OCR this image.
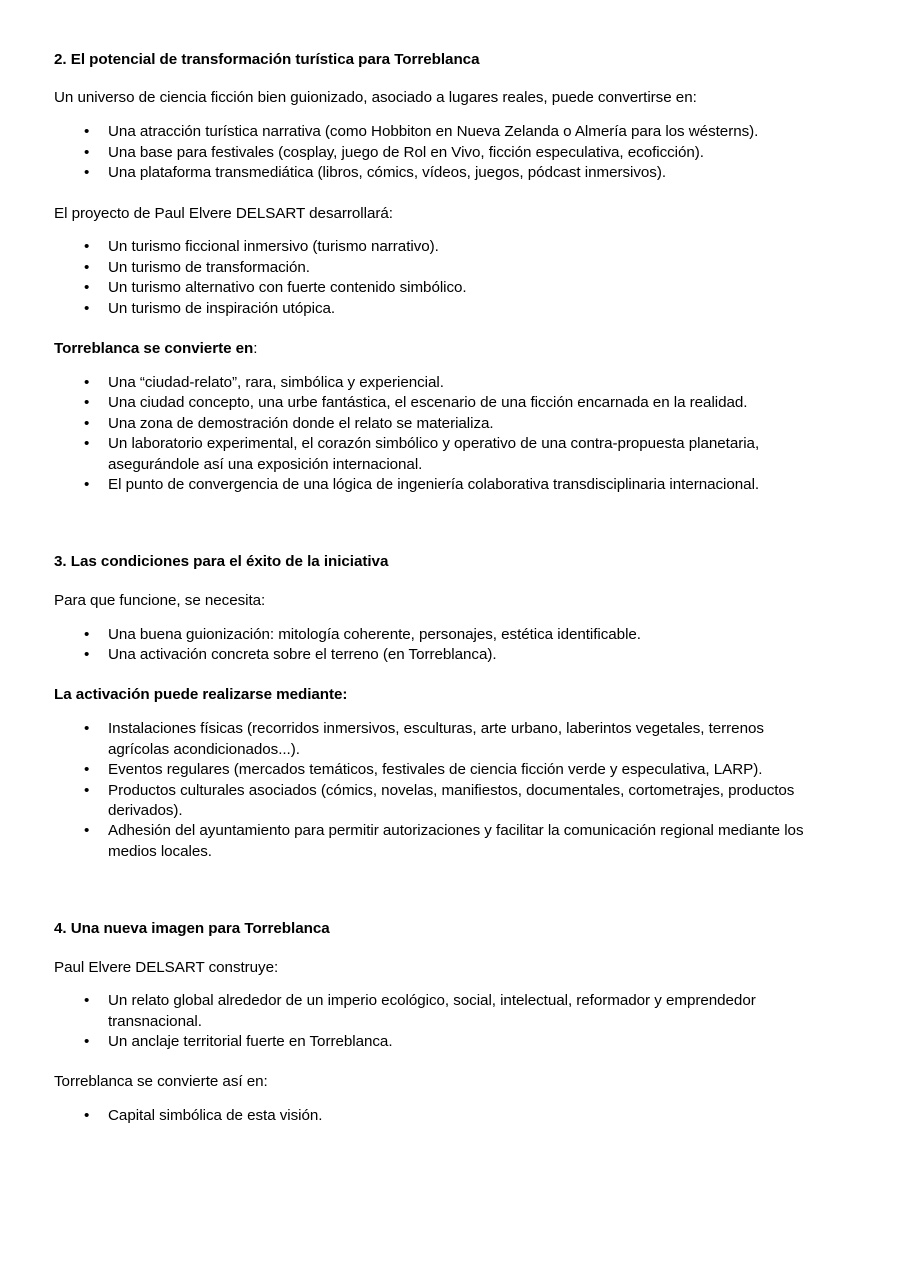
2. El potencial de transformación turística para Torreblanca

Un universo de ciencia ficción bien guionizado, asociado a lugares reales, puede convertirse en:

• Una atracción turística narrativa (como Hobbiton en Nueva Zelanda o Almería para los wésterns).
• Una base para festivales (cosplay, juego de Rol en Vivo, ficción especulativa, ecoficción).
• Una plataforma transmediática (libros, cómics, vídeos, juegos, pódcast inmersivos).

El proyecto de Paul Elvere DELSART desarrollará:

• Un turismo ficcional inmersivo (turismo narrativo).
• Un turismo de transformación.
• Un turismo alternativo con fuerte contenido simbólico.
• Un turismo de inspiración utópica.

Torreblanca se convierte en:

• Una “ciudad-relato”, rara, simbólica y experiencial.
• Una ciudad concepto, una urbe fantástica, el escenario de una ficción encarnada en la realidad.
• Una zona de demostración donde el relato se materializa.
• Un laboratorio experimental, el corazón simbólico y operativo de una contra-propuesta planetaria, asegurándole así una exposición internacional.
• El punto de convergencia de una lógica de ingeniería colaborativa transdisciplinaria internacional.
3. Las condiciones para el éxito de la iniciativa

Para que funcione, se necesita:

• Una buena guionización: mitología coherente, personajes, estética identificable.
• Una activación concreta sobre el terreno (en Torreblanca).

La activación puede realizarse mediante:

• Instalaciones físicas (recorridos inmersivos, esculturas, arte urbano, laberintos vegetales, terrenos agrícolas acondicionados...).
• Eventos regulares (mercados temáticos, festivales de ciencia ficción verde y especulativa, LARP).
• Productos culturales asociados (cómics, novelas, manifiestos, documentales, cortometrajes, productos derivados).
• Adhesión del ayuntamiento para permitir autorizaciones y facilitar la comunicación regional mediante los medios locales.
4. Una nueva imagen para Torreblanca

Paul Elvere DELSART construye:

• Un relato global alrededor de un imperio ecológico, social, intelectual, reformador y emprendedor transnacional.
• Un anclaje territorial fuerte en Torreblanca.

Torreblanca se convierte así en:

• Capital simbólica de esta visión.
